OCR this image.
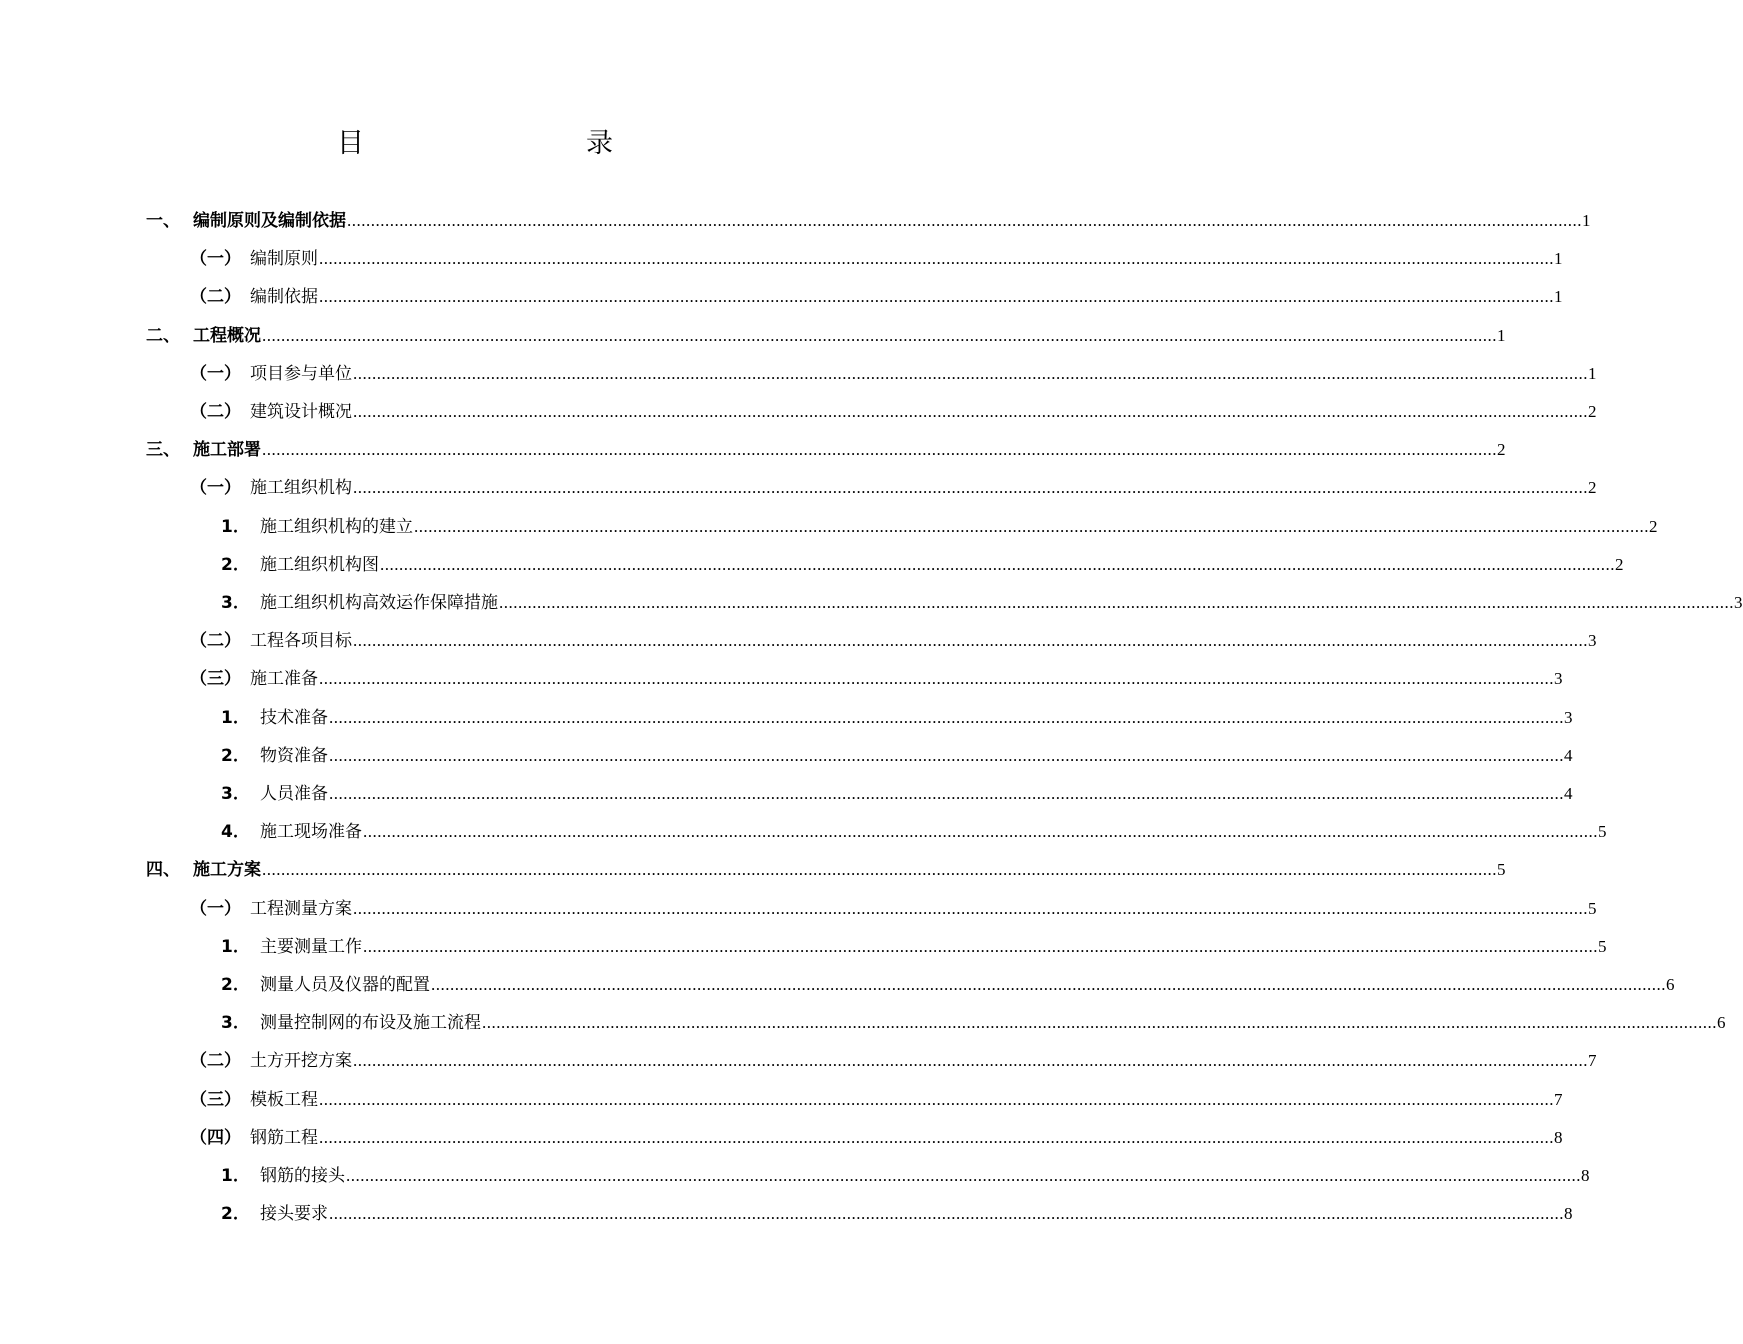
目　　录
一、 编制原则及编制依据 .................................................................................................................................................................................................................................................................... 1
（一） 编制原则 .................................................................................................................................................................................................................................................................... 1
（二） 编制依据 .................................................................................................................................................................................................................................................................... 1
二、 工程概况 .................................................................................................................................................................................................................................................................... 1
（一） 项目参与单位 .................................................................................................................................................................................................................................................................... 1
（二） 建筑设计概况 .................................................................................................................................................................................................................................................................... 2
三、 施工部署 .................................................................................................................................................................................................................................................................... 2
（一） 施工组织机构 .................................................................................................................................................................................................................................................................... 2
1． 施工组织机构的建立 .................................................................................................................................................................................................................................................................... 2
2． 施工组织机构图 .................................................................................................................................................................................................................................................................... 2
3． 施工组织机构高效运作保障措施 .................................................................................................................................................................................................................................................................... 3
（二） 工程各项目标 .................................................................................................................................................................................................................................................................... 3
（三） 施工准备 .................................................................................................................................................................................................................................................................... 3
1． 技术准备 .................................................................................................................................................................................................................................................................... 3
2． 物资准备 .................................................................................................................................................................................................................................................................... 4
3． 人员准备 .................................................................................................................................................................................................................................................................... 4
4． 施工现场准备 .................................................................................................................................................................................................................................................................... 5
四、 施工方案 .................................................................................................................................................................................................................................................................... 5
（一） 工程测量方案 .................................................................................................................................................................................................................................................................... 5
1． 主要测量工作 .................................................................................................................................................................................................................................................................... 5
2． 测量人员及仪器的配置 .................................................................................................................................................................................................................................................................... 6
3． 测量控制网的布设及施工流程 .................................................................................................................................................................................................................................................................... 6
（二） 土方开挖方案 .................................................................................................................................................................................................................................................................... 7
（三） 模板工程 .................................................................................................................................................................................................................................................................... 7
（四） 钢筋工程 .................................................................................................................................................................................................................................................................... 8
1． 钢筋的接头 .................................................................................................................................................................................................................................................................... 8
2． 接头要求 .................................................................................................................................................................................................................................................................... 8
